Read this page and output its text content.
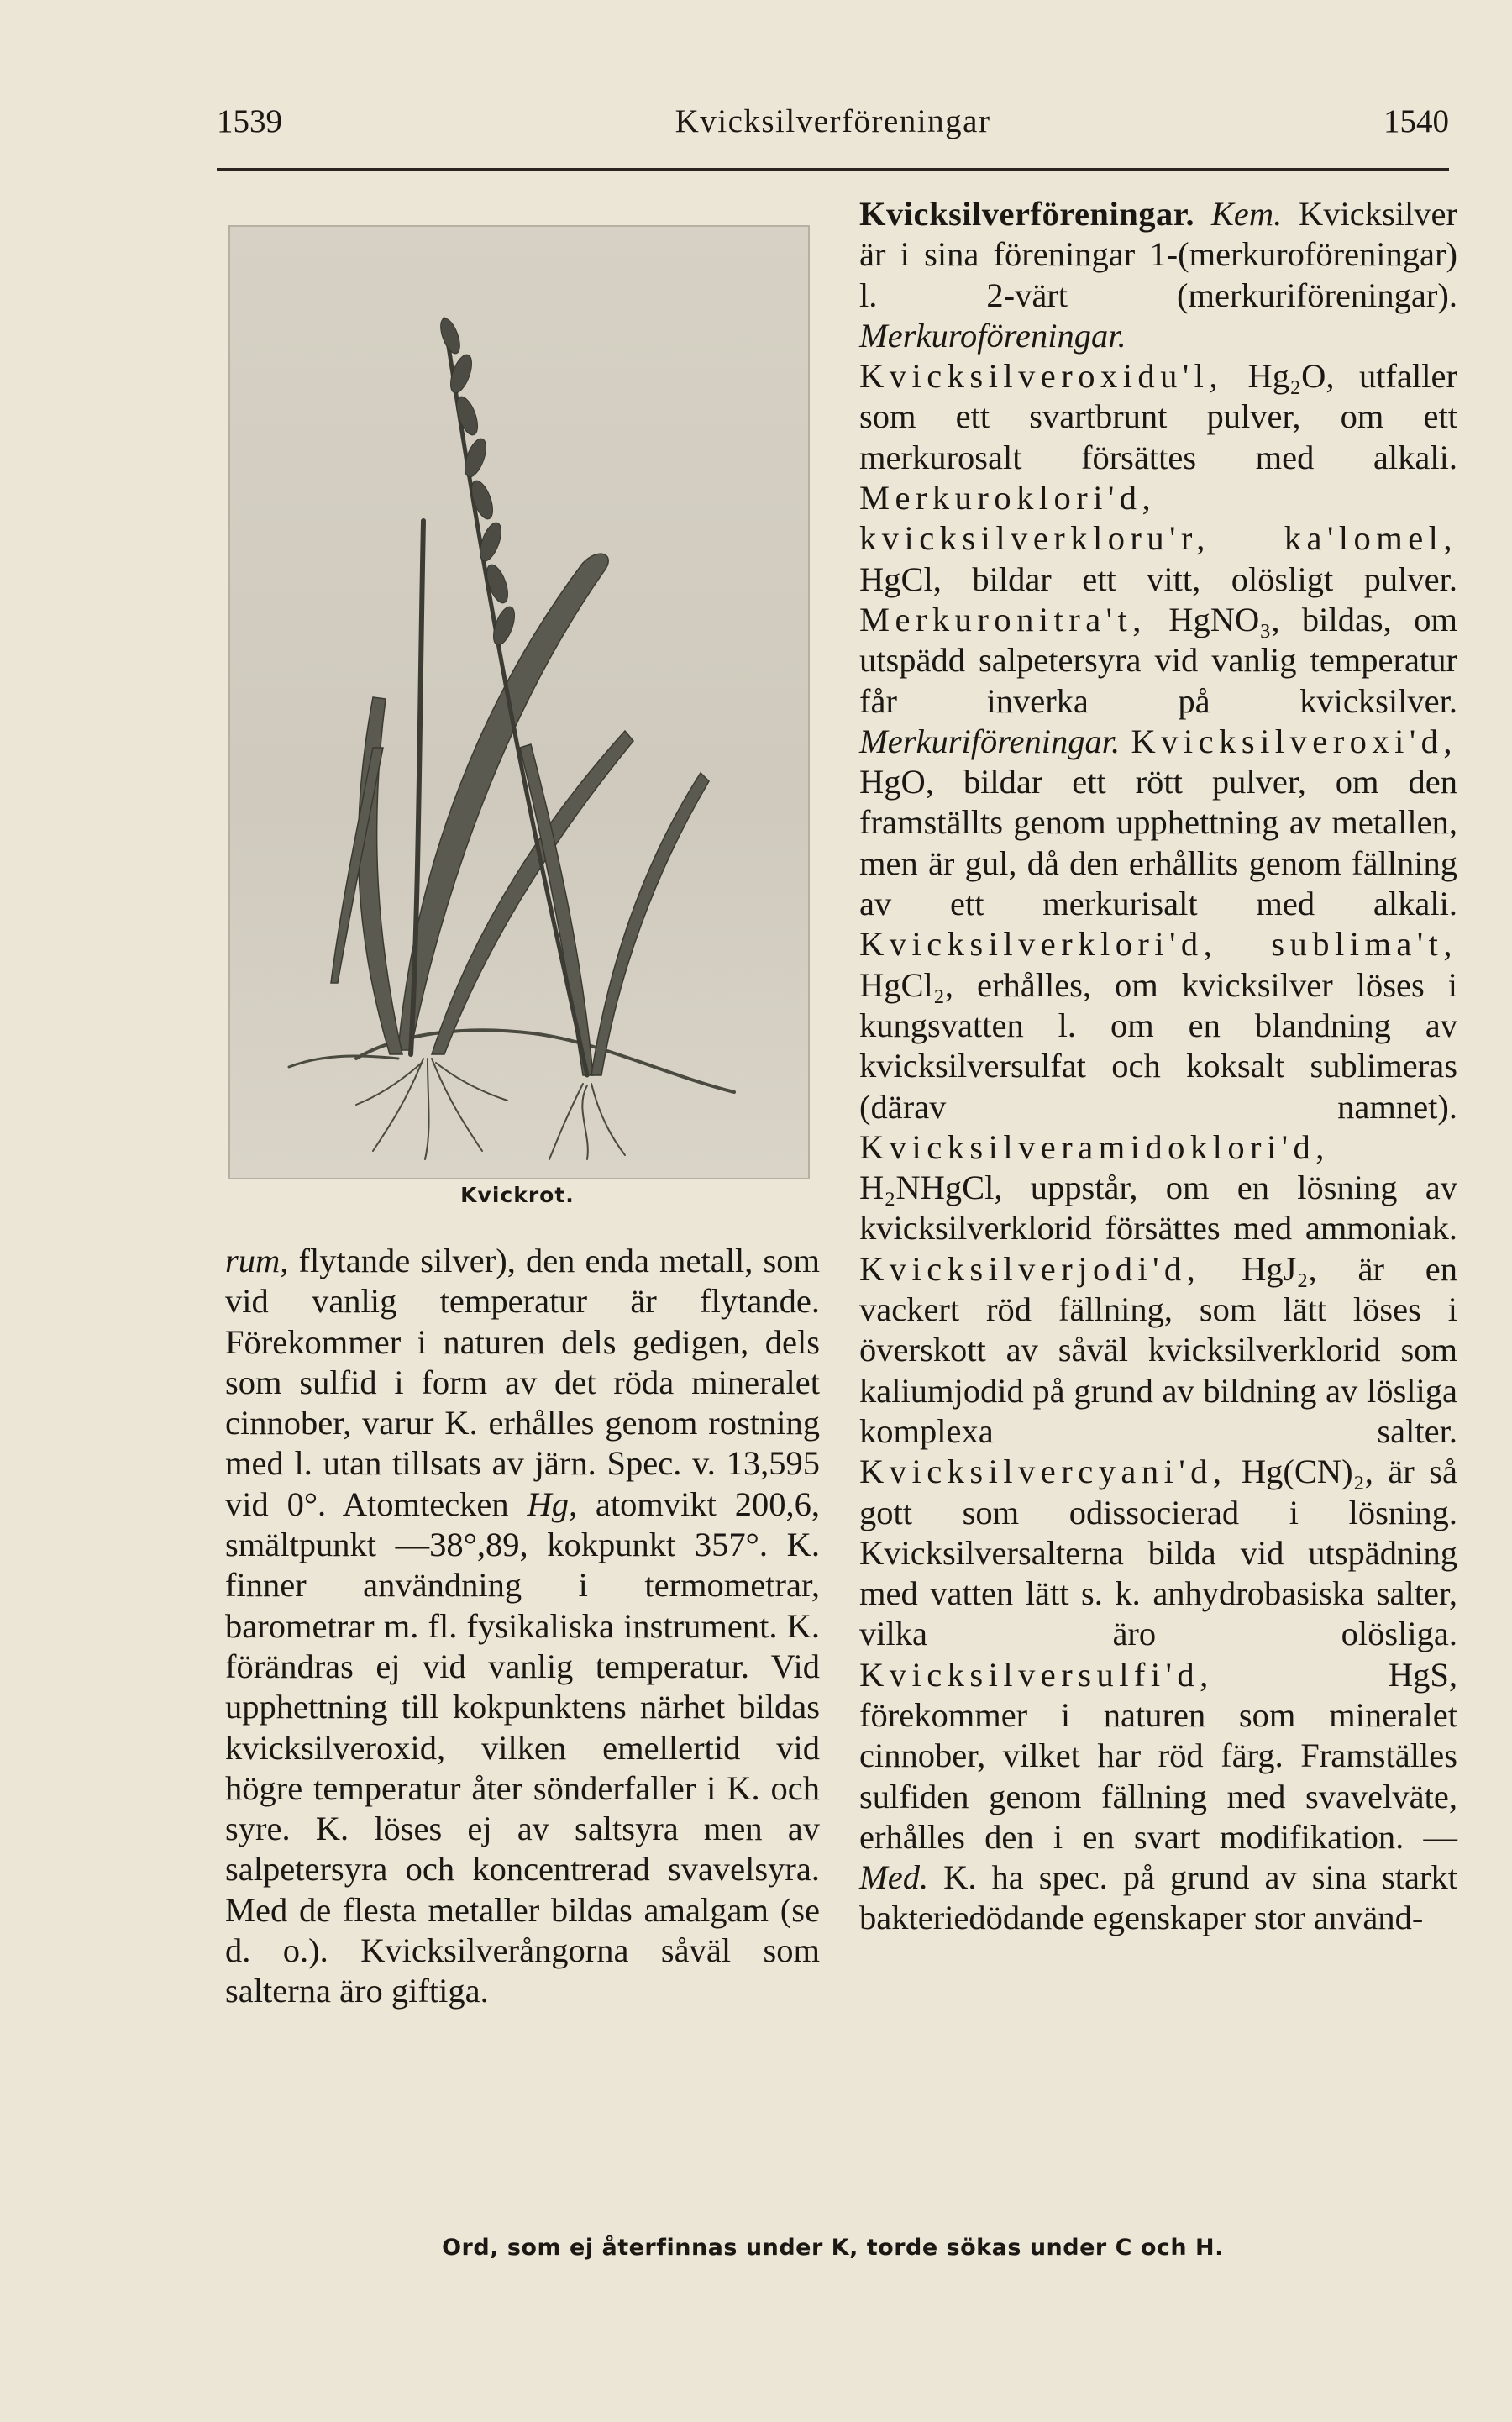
1539	Kvicksilverföreningar	1540
Kvickrot.

rum, flytande silver), den enda metall, som vid vanlig temperatur är flytande. Förekommer i naturen dels gedigen, dels som sulfid i form av det röda mineralet cinnober, varur K. erhålles genom rostning med l. utan tillsats av järn. Spec. v. 13,595 vid 0°. Atomtecken Hg, atomvikt 200,6, smältpunkt —38°,89, kokpunkt 357°. K. finner användning i termometrar, barometrar m. fl. fysikaliska instrument. K. förändras ej vid vanlig temperatur. Vid upphettning till kokpunktens närhet bildas kvicksilveroxid, vilken emellertid vid högre temperatur åter sönderfaller i K. och syre. K. löses ej av saltsyra men av salpetersyra och koncentrerad svavelsyra. Med de flesta metaller bildas amalgam (se d. o.). Kvicksilverångorna såväl som salterna äro giftiga.

Kvicksilverföreningar. Kem. Kvicksilver är i sina föreningar 1-(merkuroföreningar) l. 2-värt (merkuriföreningar). Merkuroföreningar. Kvicksilveroxidu'l, Hg₂O, utfaller som ett svartbrunt pulver, om ett merkurosalt försättes med alkali. Merkuroklori'd, kvicksilverkloru'r, ka'lomel, HgCl, bildar ett vitt, olösligt pulver. Merkuronitra't, HgNO₃, bildas, om utspädd salpetersyra vid vanlig temperatur får inverka på kvicksilver. Merkuriföreningar. Kvicksilveroxi'd, HgO, bildar ett rött pulver, om den framställts genom upphettning av metallen, men är gul, då den erhållits genom fällning av ett merkurisalt med alkali. Kvicksilverklori'd, sublima't, HgCl₂, erhålles, om kvicksilver löses i kungsvatten l. om en blandning av kvicksilversulfat och koksalt sublimeras (därav namnet). Kvicksilveramidoklori'd, H₂NHgCl, uppstår, om en lösning av kvicksilverklorid försättes med ammoniak. Kvicksilverjodi'd, HgJ₂, är en vackert röd fällning, som lätt löses i överskott av såväl kvicksilverklorid som kaliumjodid på grund av bildning av lösliga komplexa salter. Kvicksilvercyani'd, Hg(CN)₂, är så gott som odissocierad i lösning. Kvicksilversalterna bilda vid utspädning med vatten lätt s. k. anhydrobasiska salter, vilka äro olösliga. Kvicksilversulfi'd, HgS, förekommer i naturen som mineralet cinnober, vilket har röd färg. Framställes sulfiden genom fällning med svavelväte, erhålles den i en svart modifikation. — Med. K. ha spec. på grund av sina starkt bakteriedödande egenskaper stor använd-

Ord, som ej återfinnas under K, torde sökas under C och H.
